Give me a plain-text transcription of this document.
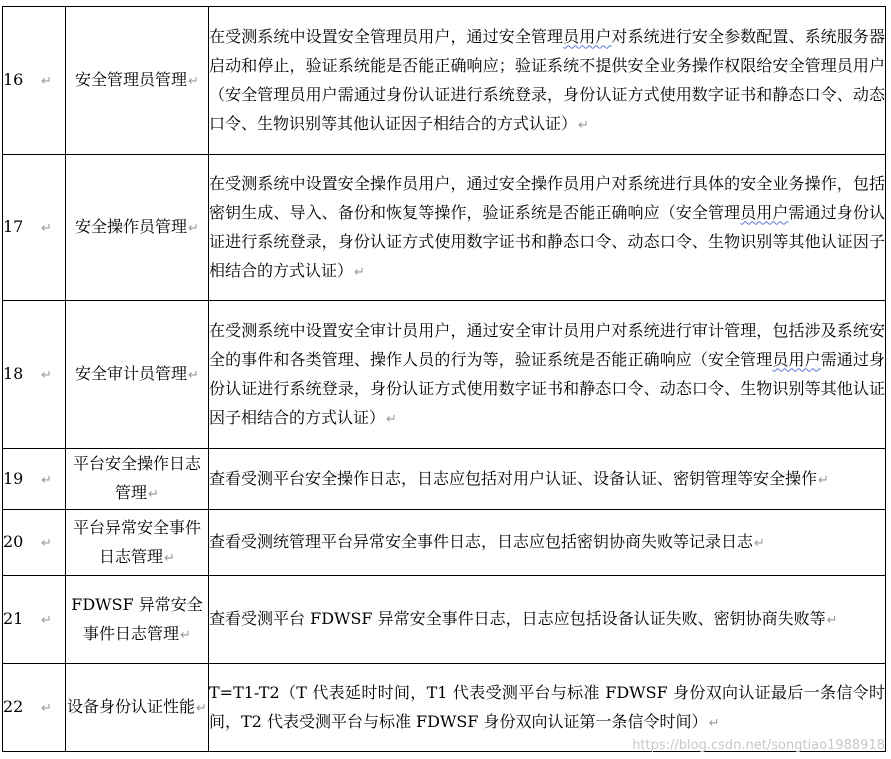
16 ↵	安全管理员管理↵	在受测系统中设置安全管理员用户，通过安全管理员用户对系统进行安全参数配置、系统服务器启动和停止，验证系统能是否能正确响应；验证系统不提供安全业务操作权限给安全管理员用户（安全管理员用户需通过身份认证进行系统登录，身份认证方式使用数字证书和静态口令、动态口令、生物识别等其他认证因子相结合的方式认证）↵
17 ↵	安全操作员管理↵	在受测系统中设置安全操作员用户，通过安全操作员用户对系统进行具体的安全业务操作，包括密钥生成、导入、备份和恢复等操作，验证系统是否能正确响应（安全管理员用户需通过身份认证进行系统登录，身份认证方式使用数字证书和静态口令、动态口令、生物识别等其他认证因子相结合的方式认证）↵
18 ↵	安全审计员管理↵	在受测系统中设置安全审计员用户，通过安全审计员用户对系统进行审计管理，包括涉及系统安全的事件和各类管理、操作人员的行为等，验证系统是否能正确响应（安全管理员用户需通过身份认证进行系统登录，身份认证方式使用数字证书和静态口令、动态口令、生物识别等其他认证因子相结合的方式认证）↵
19 ↵	平台安全操作日志管理↵	查看受测平台安全操作日志，日志应包括对用户认证、设备认证、密钥管理等安全操作↵
20 ↵	平台异常安全事件日志管理↵	查看受测统管理平台异常安全事件日志，日志应包括密钥协商失败等记录日志↵
21 ↵	FDWSF 异常安全事件日志管理↵	查看受测平台 FDWSF 异常安全事件日志，日志应包括设备认证失败、密钥协商失败等↵
22 ↵	设备身份认证性能↵	T=T1-T2（T 代表延时时间，T1 代表受测平台与标准 FDWSF 身份双向认证最后一条信令时间，T2 代表受测平台与标准 FDWSF 身份双向认证第一条信令时间）↵
https://blog.csdn.net/songtiao1988918
